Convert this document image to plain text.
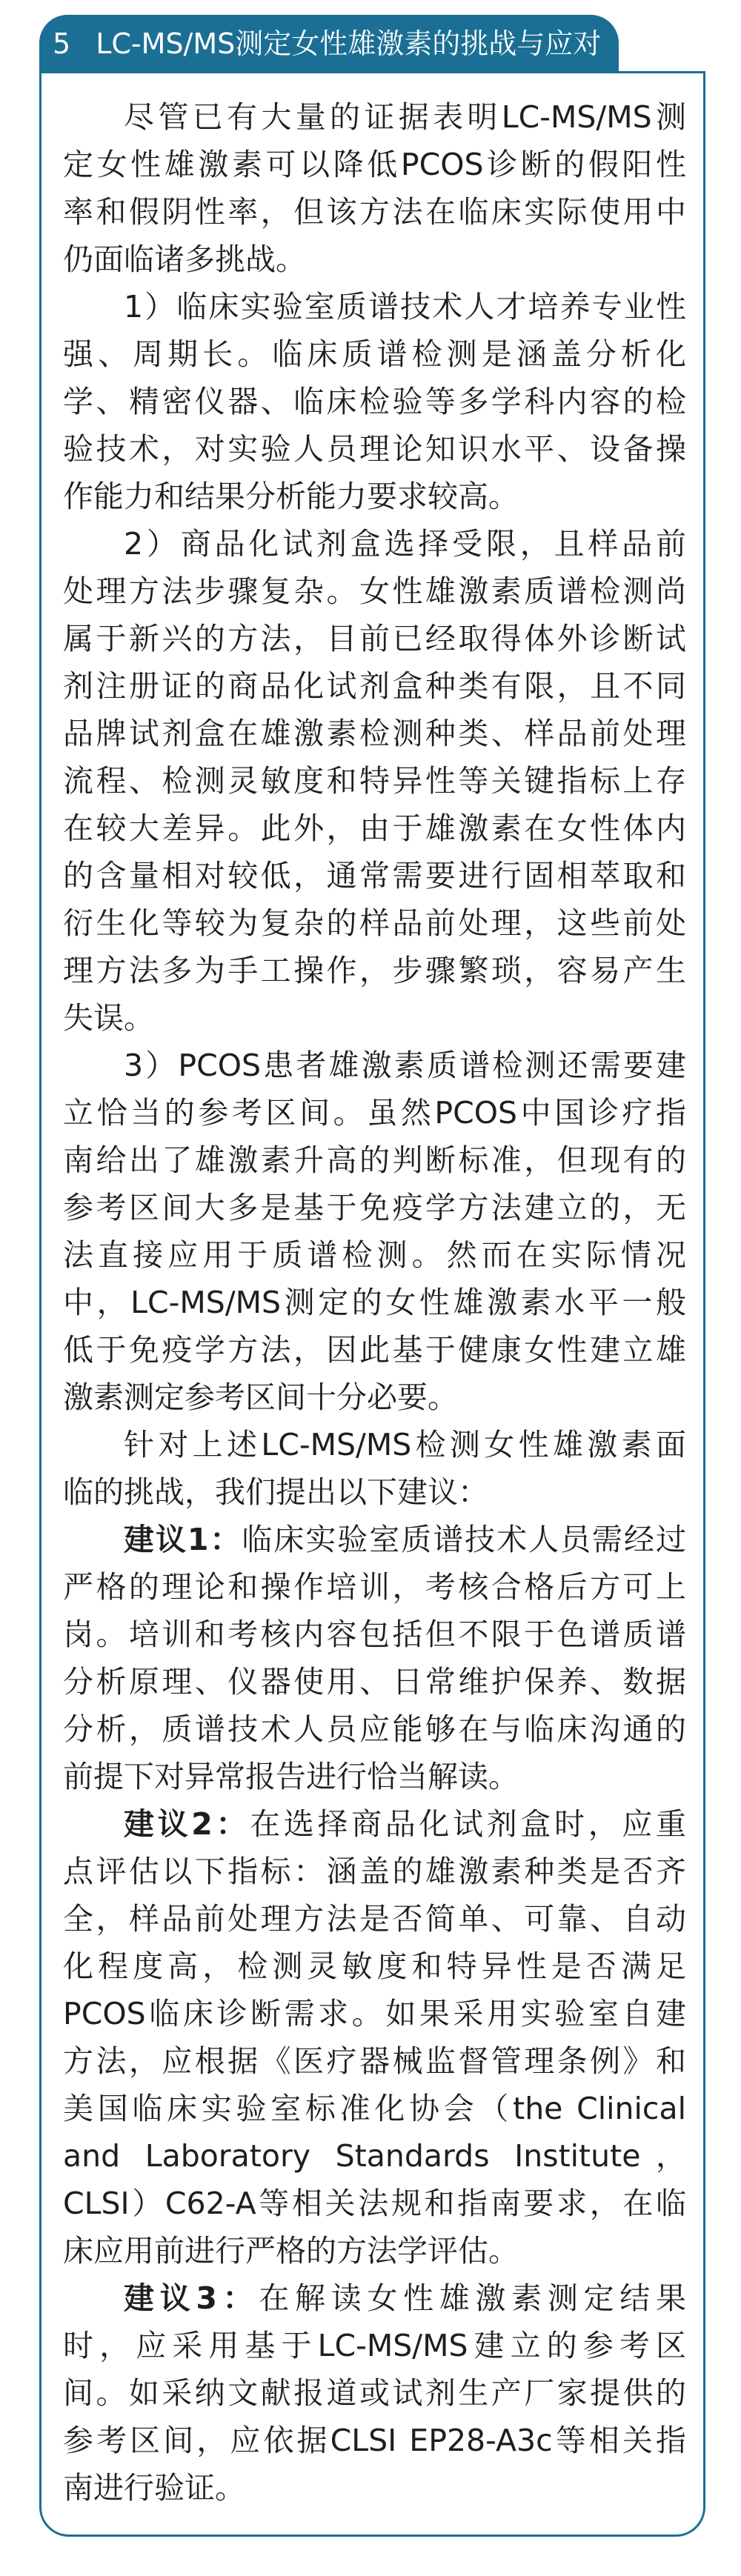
5 LC-MS/MS测定女性雄激素的挑战与应对
尽管已有大量的证据表明LC-MS/MS测
定女性雄激素可以降低PCOS诊断的假阳性
率和假阴性率，但该方法在临床实际使用中
仍面临诸多挑战。
1）临床实验室质谱技术人才培养专业性
强、周期长。临床质谱检测是涵盖分析化
学、精密仪器、临床检验等多学科内容的检
验技术，对实验人员理论知识水平、设备操
作能力和结果分析能力要求较高。
2）商品化试剂盒选择受限，且样品前
处理方法步骤复杂。女性雄激素质谱检测尚
属于新兴的方法，目前已经取得体外诊断试
剂注册证的商品化试剂盒种类有限，且不同
品牌试剂盒在雄激素检测种类、样品前处理
流程、检测灵敏度和特异性等关键指标上存
在较大差异。此外，由于雄激素在女性体内
的含量相对较低，通常需要进行固相萃取和
衍生化等较为复杂的样品前处理，这些前处
理方法多为手工操作，步骤繁琐，容易产生
失误。
3）PCOS患者雄激素质谱检测还需要建
立恰当的参考区间。虽然PCOS中国诊疗指
南给出了雄激素升高的判断标准，但现有的
参考区间大多是基于免疫学方法建立的，无
法直接应用于质谱检测。然而在实际情况
中，LC-MS/MS测定的女性雄激素水平一般
低于免疫学方法，因此基于健康女性建立雄
激素测定参考区间十分必要。
针对上述LC-MS/MS检测女性雄激素面
临的挑战，我们提出以下建议：
建议1：临床实验室质谱技术人员需经过
严格的理论和操作培训，考核合格后方可上
岗。培训和考核内容包括但不限于色谱质谱
分析原理、仪器使用、日常维护保养、数据
分析，质谱技术人员应能够在与临床沟通的
前提下对异常报告进行恰当解读。
建议2：在选择商品化试剂盒时，应重
点评估以下指标：涵盖的雄激素种类是否齐
全，样品前处理方法是否简单、可靠、自动
化程度高，检测灵敏度和特异性是否满足
PCOS临床诊断需求。如果采用实验室自建
方法，应根据《医疗器械监督管理条例》和
美国临床实验室标准化协会（the Clinical
and Laboratory Standards Institute，
CLSI）C62-A等相关法规和指南要求，在临
床应用前进行严格的方法学评估。
建议3：在解读女性雄激素测定结果
时，应采用基于LC-MS/MS建立的参考区
间。如采纳文献报道或试剂生产厂家提供的
参考区间，应依据CLSI EP28-A3c等相关指
南进行验证。
